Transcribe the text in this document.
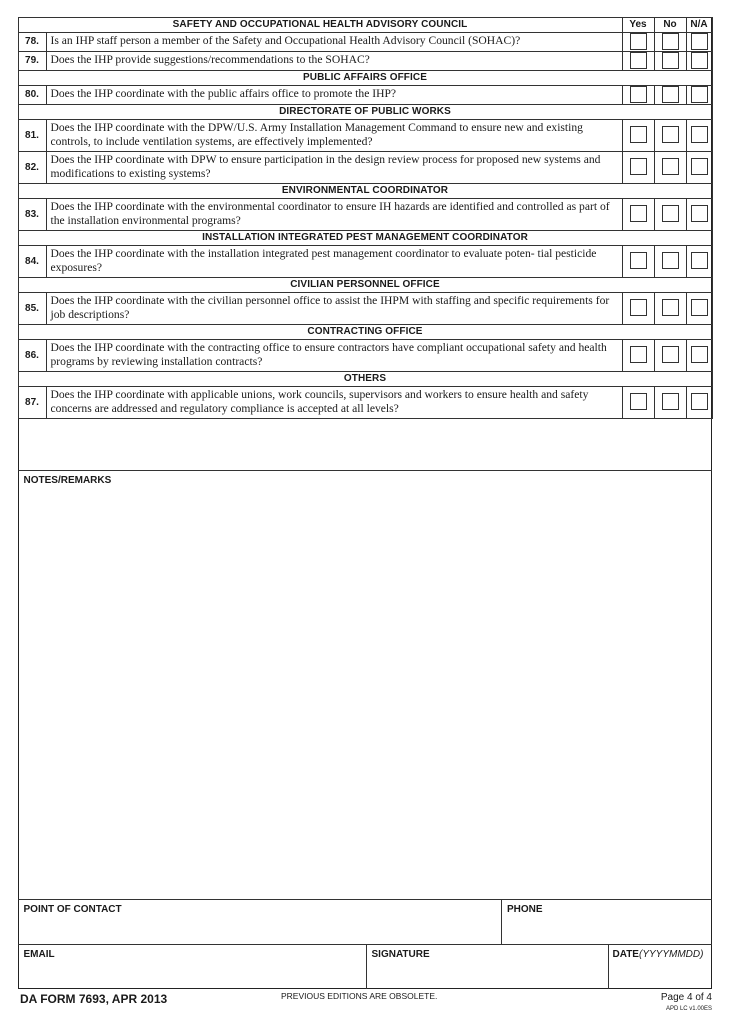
SAFETY AND OCCUPATIONAL HEALTH ADVISORY COUNCIL		Yes	No	N/A
78.	Is an IHP staff person a member of the Safety and Occupational Health Advisory Council (SOHAC)?			
79.	Does the IHP provide suggestions/recommendations to the SOHAC?			
PUBLIC AFFAIRS OFFICE				
80.	Does the IHP coordinate with the public affairs office to promote the IHP?			
DIRECTORATE OF PUBLIC WORKS				
81.	Does the IHP coordinate with the DPW/U.S. Army Installation Management Command to ensure new and existing controls, to include ventilation systems, are effectively implemented?			
82.	Does the IHP coordinate with DPW to ensure participation in the design review process for proposed new systems and modifications to existing systems?			
ENVIRONMENTAL COORDINATOR				
83.	Does the IHP coordinate with the environmental coordinator to ensure IH hazards are identified and controlled as part of the installation environmental programs?			
INSTALLATION INTEGRATED PEST MANAGEMENT COORDINATOR				
84.	Does the IHP coordinate with the installation integrated pest management coordinator to evaluate poten- tial pesticide exposures?			
CIVILIAN PERSONNEL OFFICE				
85.	Does the IHP coordinate with the civilian personnel office to assist the IHPM with staffing and specific requirements for job descriptions?			
CONTRACTING OFFICE				
86.	Does the IHP coordinate with the contracting office to ensure contractors have compliant occupational safety and health programs by reviewing installation contracts?			
OTHERS				
87.	Does the IHP coordinate with applicable unions, work councils, supervisors and workers to ensure health and safety concerns are addressed and regulatory compliance is accepted at all levels?			
NOTES/REMARKS
POINT OF CONTACT	PHONE
EMAIL	SIGNATURE	DATE(YYYYMMDD)
DA FORM 7693, APR 2013	PREVIOUS EDITIONS ARE OBSOLETE.	Page 4 of 4
APD LC v1.00ES
